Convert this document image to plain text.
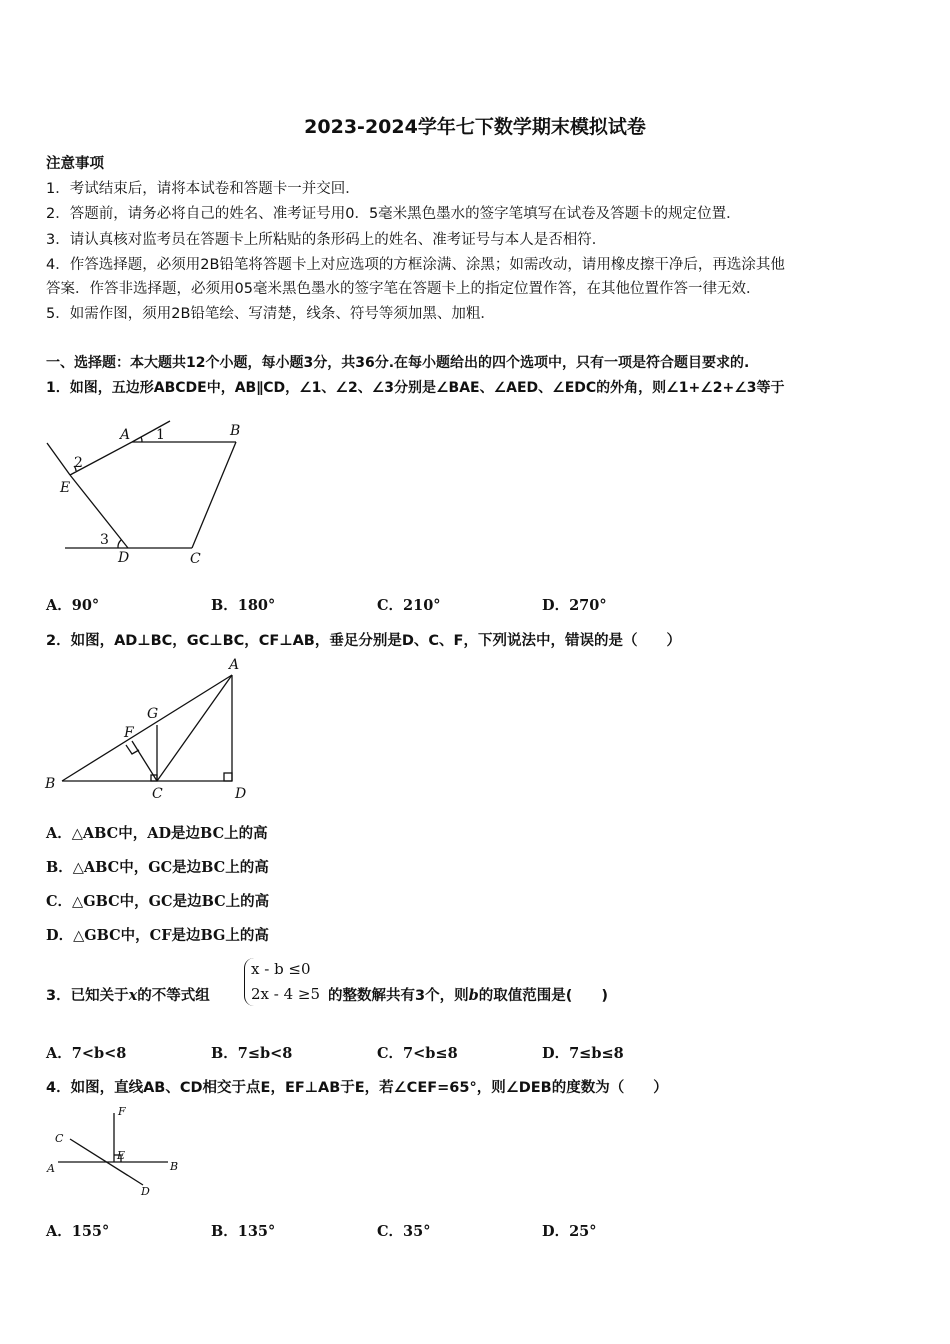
2023-2024学年七下数学期末模拟试卷
注意事项
1．考试结束后，请将本试卷和答题卡一并交回．
2．答题前，请务必将自己的姓名、准考证号用0．5毫米黑色墨水的签字笔填写在试卷及答题卡的规定位置．
3．请认真核对监考员在答题卡上所粘贴的条形码上的姓名、准考证号与本人是否相符．
4．作答选择题，必须用2B铅笔将答题卡上对应选项的方框涂满、涂黑；如需改动，请用橡皮擦干净后，再选涂其他
答案．作答非选择题，必须用05毫米黑色墨水的签字笔在答题卡上的指定位置作答，在其他位置作答一律无效．
5．如需作图，须用2B铅笔绘、写清楚，线条、符号等须加黑、加粗．
一、选择题：本大题共12个小题，每小题3分，共36分.在每小题给出的四个选项中，只有一项是符合题目要求的.
1．如图，五边形ABCDE中，AB∥CD，∠1、∠2、∠3分别是∠BAE、∠AED、∠EDC的外角，则∠1+∠2+∠3等于
A	B
C
D
E
1
2
3
A．90°	B．180°	C．210°	D．270°
2．如图，AD⊥BC，GC⊥BC，CF⊥AB，垂足分别是D、C、F，下列说法中，错误的是（　　）
A
B
C	D
F
G
A．△ABC中，AD是边BC上的高
B．△ABC中，GC是边BC上的高
C．△GBC中，GC是边BC上的高
D．△GBC中，CF是边BG上的高
3．已知关于x的不等式组
x - b ≤0
2x - 4 ≥5 的整数解共有3个，则b的取值范围是(　　)
A．7<b<8	B．7≤b<8	C．7<b≤8	D．7≤b≤8
4．如图，直线AB、CD相交于点E，EF⊥AB于E，若∠CEF=65°，则∠DEB的度数为（　　）
F
C
E
A	B
D
A．155°	B．135°	C．35°	D．25°
